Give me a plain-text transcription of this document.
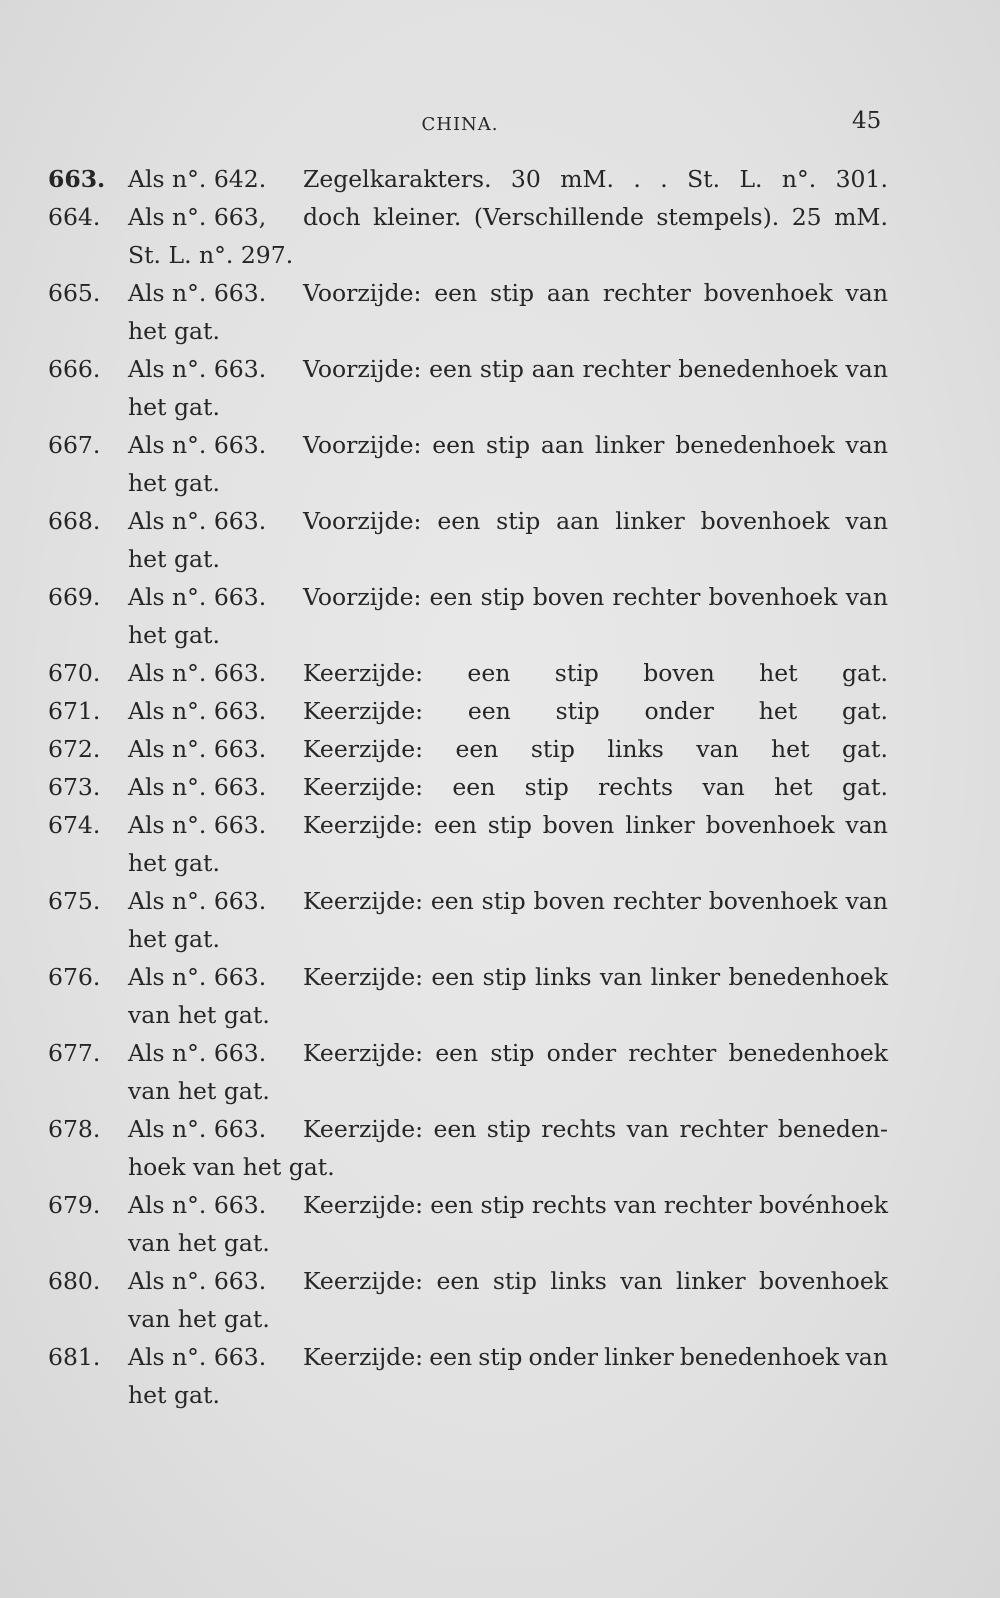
CHINA.	45
663. Als n°. 642.	Zegelkarakters. 30 mM. . . St. L. n°. 301.
664.	Als n°. 663,	doch kleiner. (Verschillende stempels). 25 mM.
St. L. n°. 297.
665.	Als n°. 663.	Voorzijde: een stip aan rechter bovenhoek van
het gat.
666.	Als n°. 663.	Voorzijde: een stip aan rechter benedenhoek van
het gat.
667.	Als n°. 663.	Voorzijde: een stip aan linker benedenhoek van
het gat.
668.	Als n°. 663.	Voorzijde: een stip aan linker bovenhoek van
het gat.
669.	Als n°. 663.	Voorzijde: een stip boven rechter bovenhoek van
het gat.
670.	Als n°. 663.	Keerzijde: een stip boven het gat.
671.	Als n°. 663.	Keerzijde: een stip onder het gat.
672.	Als n°. 663.	Keerzijde: een stip links van het gat.
673.	Als n°. 663.	Keerzijde: een stip rechts van het gat.
674.	Als n°. 663.	Keerzijde: een stip boven linker bovenhoek van
het gat.
675.	Als n°. 663.	Keerzijde: een stip boven rechter bovenhoek van
het gat.
676.	Als n°. 663.	Keerzijde: een stip links van linker benedenhoek
van het gat.
677.	Als n°. 663.	Keerzijde: een stip onder rechter benedenhoek
van het gat.
678.	Als n°. 663.	Keerzijde: een stip rechts van rechter beneden-
hoek van het gat.
679.	Als n°. 663.	Keerzijde: een stip rechts van rechter bovénhoek
van het gat.
680.	Als n°. 663.	Keerzijde: een stip links van linker bovenhoek
van het gat.
681.	Als n°. 663.	Keerzijde: een stip onder linker benedenhoek van
het gat.
